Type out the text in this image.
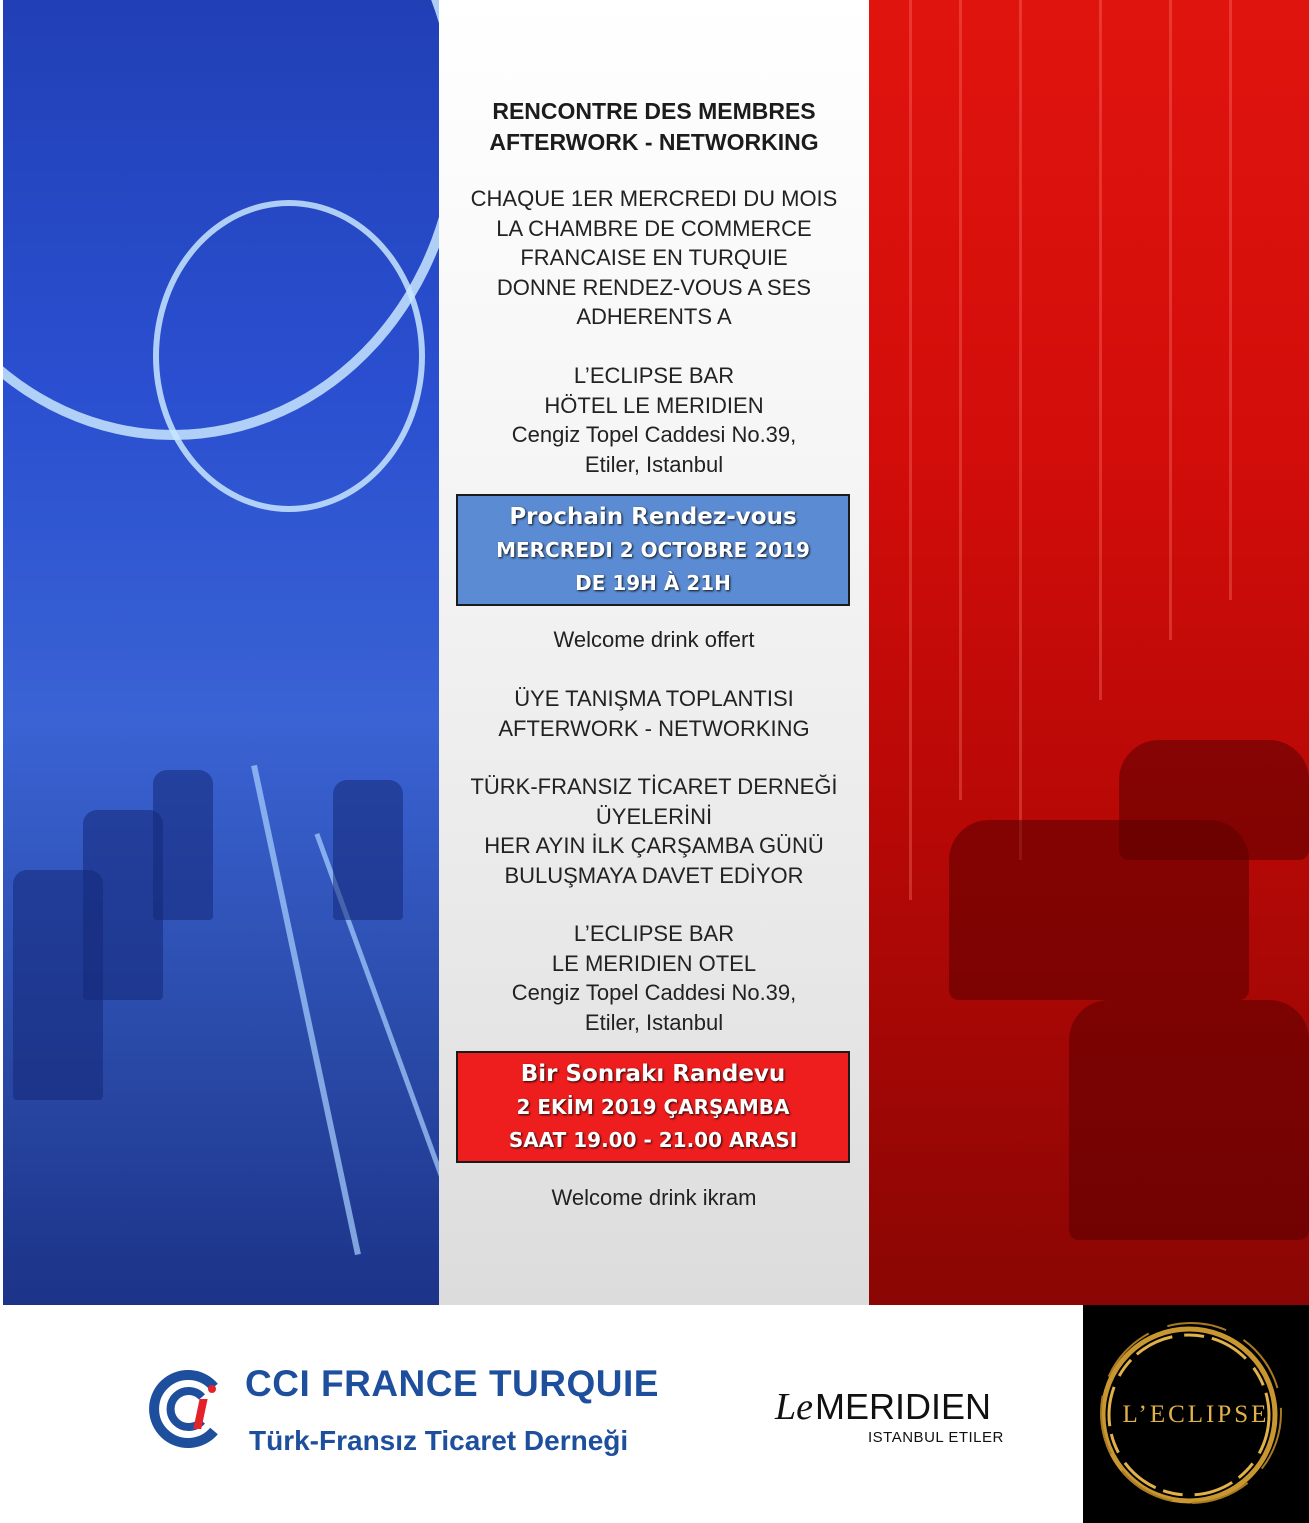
RENCONTRE DES MEMBRES
AFTERWORK - NETWORKING
CHAQUE 1ER MERCREDI DU MOIS
LA CHAMBRE DE COMMERCE
FRANCAISE EN TURQUIE
DONNE RENDEZ-VOUS A SES
ADHERENTS A
L’ECLIPSE BAR
HÖTEL LE MERIDIEN
Cengiz Topel Caddesi No.39,
Etiler, Istanbul
Prochain Rendez-vous
MERCREDI 2 OCTOBRE 2019
DE 19H À 21H
Welcome drink offert
ÜYE TANIŞMA TOPLANTISI
AFTERWORK - NETWORKING
TÜRK-FRANSIZ TİCARET DERNEĞİ
ÜYELERİNİ
HER AYIN İLK ÇARŞAMBA GÜNÜ
BULUŞMAYA DAVET EDİYOR
L’ECLIPSE BAR
LE MERIDIEN OTEL
Cengiz Topel Caddesi No.39,
Etiler, Istanbul
Bir Sonrakı Randevu
2 EKİM 2019 ÇARŞAMBA
SAAT 19.00 - 21.00 ARASI
Welcome drink ikram
CCI FRANCE TURQUIE
Türk-Fransız Ticaret Derneği
LeMERIDIEN
ISTANBUL ETILER
L’ECLIPSE
